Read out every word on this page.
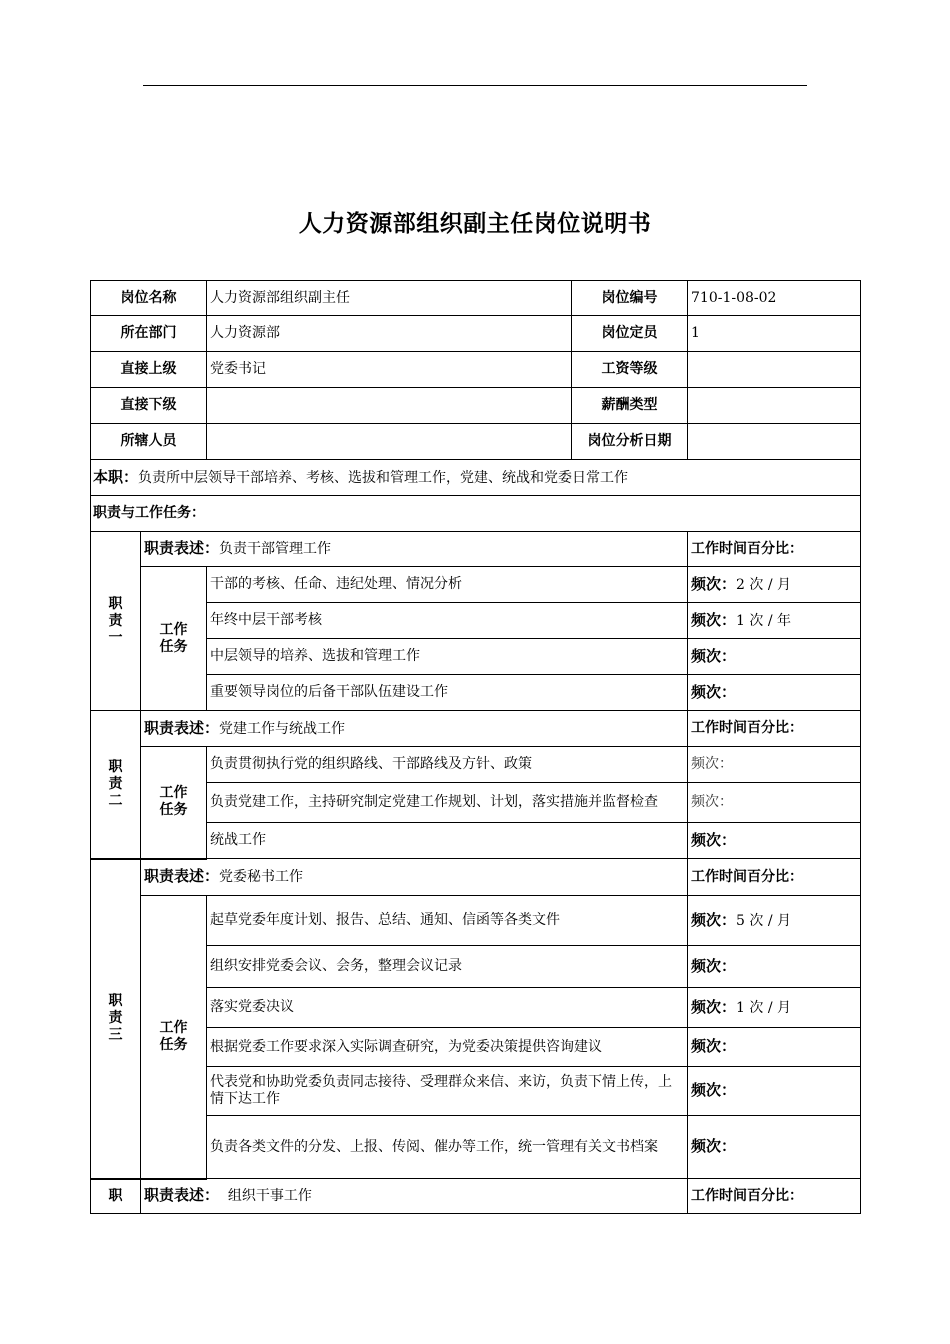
人力资源部组织副主任岗位说明书
岗位名称		人力资源部组织副主任	岗位编号	710-1-08-02
所在部门		人力资源部	岗位定员	1
直接上级		党委书记	工资等级	
直接下级			薪酬类型	
所辖人员			岗位分析日期	
本职：负责所中层领导干部培养、考核、选拔和管理工作，党建、统战和党委日常工作				
职责与工作任务：				

职
责
一	职责表述：负责干部管理工作			工作时间百分比：

	工作
任务	干部的考核、任命、违纪处理、情况分析		频次：2 次 / 月
		年终中层干部考核		频次：1 次 / 年
		中层领导的培养、选拔和管理工作		频次：
		重要领导岗位的后备干部队伍建设工作		频次：

职
责
二	职责表述：党建工作与统战工作			工作时间百分比：

	工作
任务	负责贯彻执行党的组织路线、干部路线及方针、政策		频次：
		负责党建工作，主持研究制定党建工作规划、计划，落实措施并监督检查		频次：
		统战工作		频次：

职
责
三	职责表述：党委秘书工作			工作时间百分比：

	工作
任务	起草党委年度计划、报告、总结、通知、信函等各类文件		频次：5 次 / 月
		组织安排党委会议、会务，整理会议记录		频次：
		落实党委决议		频次：1 次 / 月
		根据党委工作要求深入实际调查研究，为党委决策提供咨询建议		频次：
		代表党和协助党委负责同志接待、受理群众来信、来访，负责下情上传，上情下达工作		频次：
		负责各类文件的分发、上报、传阅、催办等工作，统一管理有关文书档案		频次：

职	职责表述：  组织干事工作			工作时间百分比：
